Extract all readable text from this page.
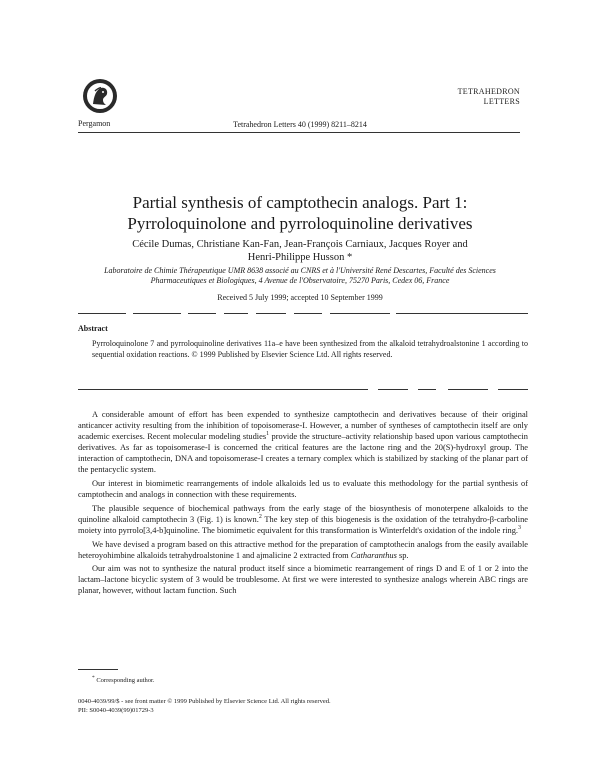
Pergamon	Tetrahedron Letters 40 (1999) 8211–8214
TETRAHEDRON
LETTERS
Partial synthesis of camptothecin analogs. Part 1:
Pyrroloquinolone and pyrroloquinoline derivatives
Cécile Dumas, Christiane Kan-Fan, Jean-François Carniaux, Jacques Royer and
Henri-Philippe Husson *
Laboratoire de Chimie Thérapeutique UMR 8638 associé au CNRS et à l'Université René Descartes, Faculté des Sciences
Pharmaceutiques et Biologiques, 4 Avenue de l'Observatoire, 75270 Paris, Cedex 06, France
Received 5 July 1999; accepted 10 September 1999
Abstract

Pyrroloquinolone 7 and pyrroloquinoline derivatives 11a–e have been synthesized from the alkaloid tetrahydroalstonine 1 according to sequential oxidation reactions. © 1999 Published by Elsevier Science Ltd. All rights reserved.

A considerable amount of effort has been expended to synthesize camptothecin and derivatives because of their original anticancer activity resulting from the inhibition of topoisomerase-I. However, a number of syntheses of camptothecin itself are only academic exercises. Recent molecular modeling studies$^1$ provide the structure–activity relationship based upon various camptothecin derivatives. As far as topoisomerase-I is concerned the critical features are the lactone ring and the 20(S)-hydroxyl group. The interaction of camptothecin, DNA and topoisomerase-I creates a ternary complex which is stabilized by stacking of the planar part of the pentacyclic system.

Our interest in biomimetic rearrangements of indole alkaloids led us to evaluate this methodology for the partial synthesis of camptothecin and analogs in connection with these requirements.

The plausible sequence of biochemical pathways from the early stage of the biosynthesis of monoterpene alkaloids to the quinoline alkaloid camptothecin 3 (Fig. 1) is known.$^2$ The key step of this biogenesis is the oxidation of the tetrahydro-β-carboline moiety into pyrrolo[3,4-b]quinoline. The biomimetic equivalent for this transformation is Winterfeldt's oxidation of the indole ring.$^3$

We have devised a program based on this attractive method for the preparation of camptothecin analogs from the easily available heteroyohimbine alkaloids tetrahydroalstonine 1 and ajmalicine 2 extracted from Catharanthus sp.

Our aim was not to synthesize the natural product itself since a biomimetic rearrangement of rings D and E of 1 or 2 into the lactam–lactone bicyclic system of 3 would be troublesome. At first we were interested to synthesize analogs wherein ABC rings are planar, however, without lactam function. Such

* Corresponding author.

0040-4039/99/$ - see front matter © 1999 Published by Elsevier Science Ltd. All rights reserved.

PII: S0040-4039(99)01729-3
